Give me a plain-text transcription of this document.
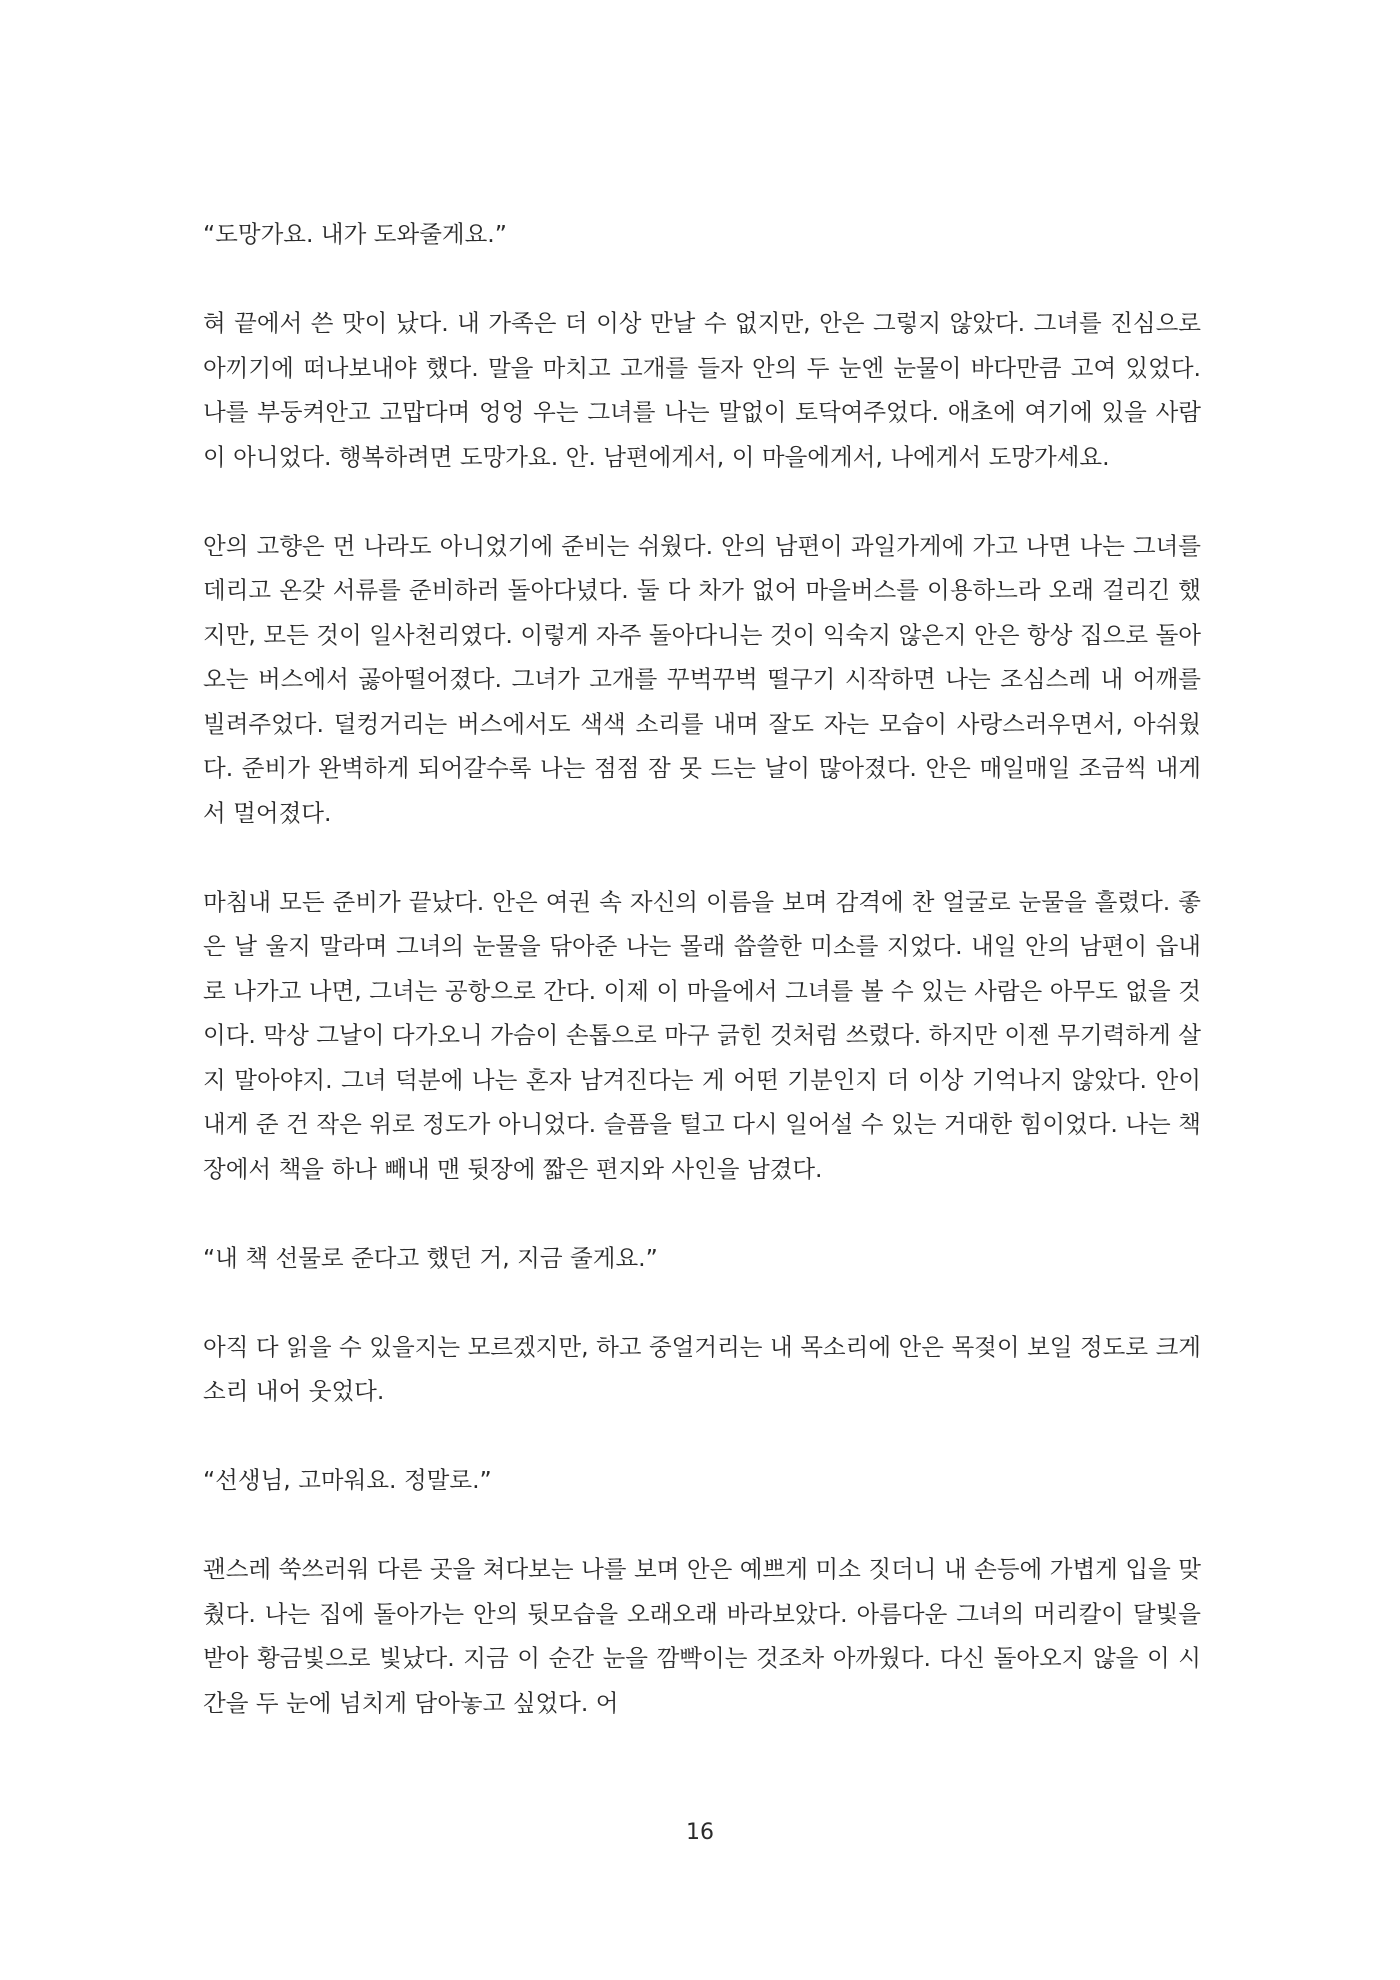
“도망가요. 내가 도와줄게요.”

혀 끝에서 쓴 맛이 났다. 내 가족은 더 이상 만날 수 없지만, 안은 그렇지 않았다. 그녀를 진심으로 아끼기에 떠나보내야 했다. 말을 마치고 고개를 들자 안의 두 눈엔 눈물이 바다만큼 고여 있었다. 나를 부둥켜안고 고맙다며 엉엉 우는 그녀를 나는 말없이 토닥여주었다. 애초에 여기에 있을 사람이 아니었다. 행복하려면 도망가요. 안. 남편에게서, 이 마을에게서, 나에게서 도망가세요.

안의 고향은 먼 나라도 아니었기에 준비는 쉬웠다. 안의 남편이 과일가게에 가고 나면 나는 그녀를 데리고 온갖 서류를 준비하러 돌아다녔다. 둘 다 차가 없어 마을버스를 이용하느라 오래 걸리긴 했지만, 모든 것이 일사천리였다. 이렇게 자주 돌아다니는 것이 익숙지 않은지 안은 항상 집으로 돌아오는 버스에서 곯아떨어졌다. 그녀가 고개를 꾸벅꾸벅 떨구기 시작하면 나는 조심스레 내 어깨를 빌려주었다. 덜컹거리는 버스에서도 색색 소리를 내며 잘도 자는 모습이 사랑스러우면서, 아쉬웠다. 준비가 완벽하게 되어갈수록 나는 점점 잠 못 드는 날이 많아졌다. 안은 매일매일 조금씩 내게서 멀어졌다.

마침내 모든 준비가 끝났다. 안은 여권 속 자신의 이름을 보며 감격에 찬 얼굴로 눈물을 흘렸다. 좋은 날 울지 말라며 그녀의 눈물을 닦아준 나는 몰래 씁쓸한 미소를 지었다. 내일 안의 남편이 읍내로 나가고 나면, 그녀는 공항으로 간다. 이제 이 마을에서 그녀를 볼 수 있는 사람은 아무도 없을 것이다. 막상 그날이 다가오니 가슴이 손톱으로 마구 긁힌 것처럼 쓰렸다. 하지만 이젠 무기력하게 살지 말아야지. 그녀 덕분에 나는 혼자 남겨진다는 게 어떤 기분인지 더 이상 기억나지 않았다. 안이 내게 준 건 작은 위로 정도가 아니었다. 슬픔을 털고 다시 일어설 수 있는 거대한 힘이었다. 나는 책장에서 책을 하나 빼내 맨 뒷장에 짧은 편지와 사인을 남겼다.

“내 책 선물로 준다고 했던 거, 지금 줄게요.”

아직 다 읽을 수 있을지는 모르겠지만, 하고 중얼거리는 내 목소리에 안은 목젖이 보일 정도로 크게 소리 내어 웃었다.

“선생님, 고마워요. 정말로.”

괜스레 쑥쓰러워 다른 곳을 쳐다보는 나를 보며 안은 예쁘게 미소 짓더니 내 손등에 가볍게 입을 맞췄다. 나는 집에 돌아가는 안의 뒷모습을 오래오래 바라보았다. 아름다운 그녀의 머리칼이 달빛을 받아 황금빛으로 빛났다. 지금 이 순간 눈을 깜빡이는 것조차 아까웠다. 다신 돌아오지 않을 이 시간을 두 눈에 넘치게 담아놓고 싶었다. 어

16
